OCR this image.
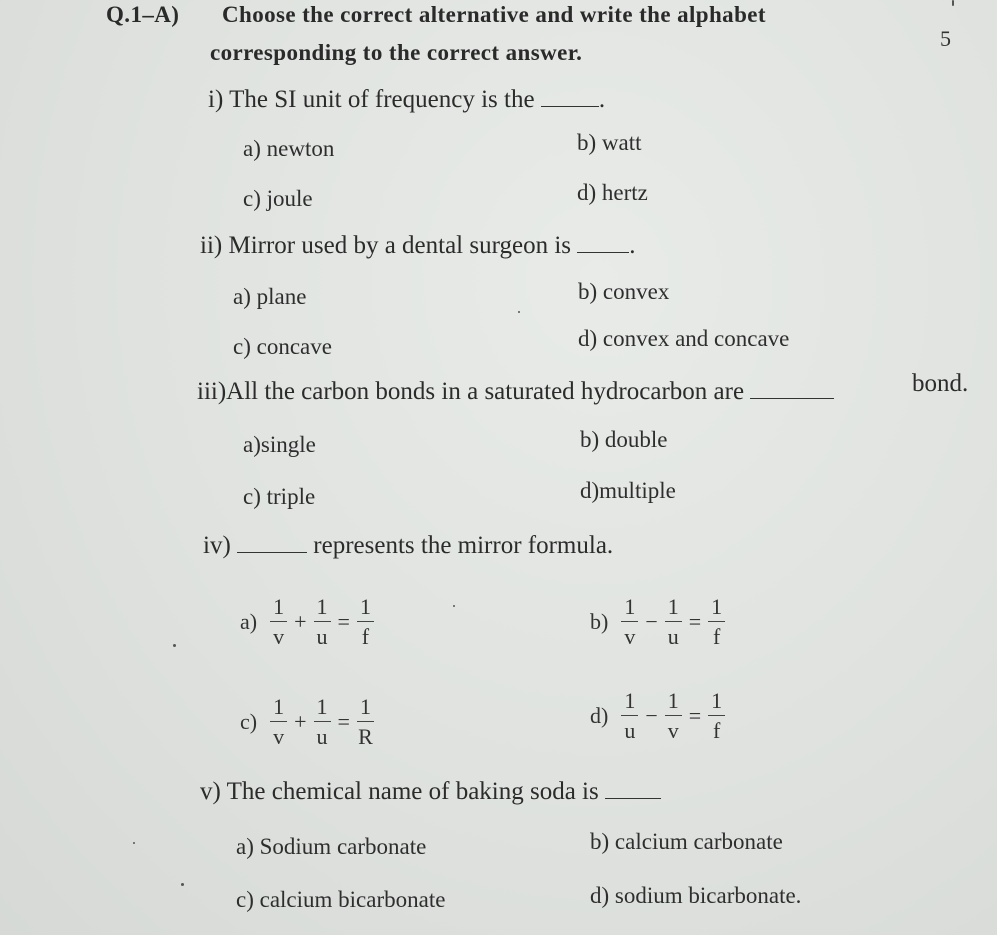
Q.1–A) Choose the correct alternative and write the alphabet
corresponding to the correct answer.
5
i) The SI unit of frequency is the	.
a) newton	b) watt
c) joule	d) hertz
ii) Mirror used by a dental surgeon is .
a) plane	b) convex
c) concave	d) convex and concave
iii)All the carbon bonds in a saturated hydrocarbon are	bond.
a)single	b) double
c) triple	d)multiple
iv)	represents the mirror formula.
$a) \frac{1}{v} + \frac{1}{u} = \frac{1}{f}$	$b) \frac{1}{v} - \frac{1}{u} = \frac{1}{f}$
$c) \frac{1}{v} + \frac{1}{u} = \frac{1}{R}$	$d) \frac{1}{u} - \frac{1}{v} = \frac{1}{f}$
v) The chemical name of baking soda is
a) Sodium carbonate	b) calcium carbonate
c) calcium bicarbonate	d) sodium bicarbonate.
